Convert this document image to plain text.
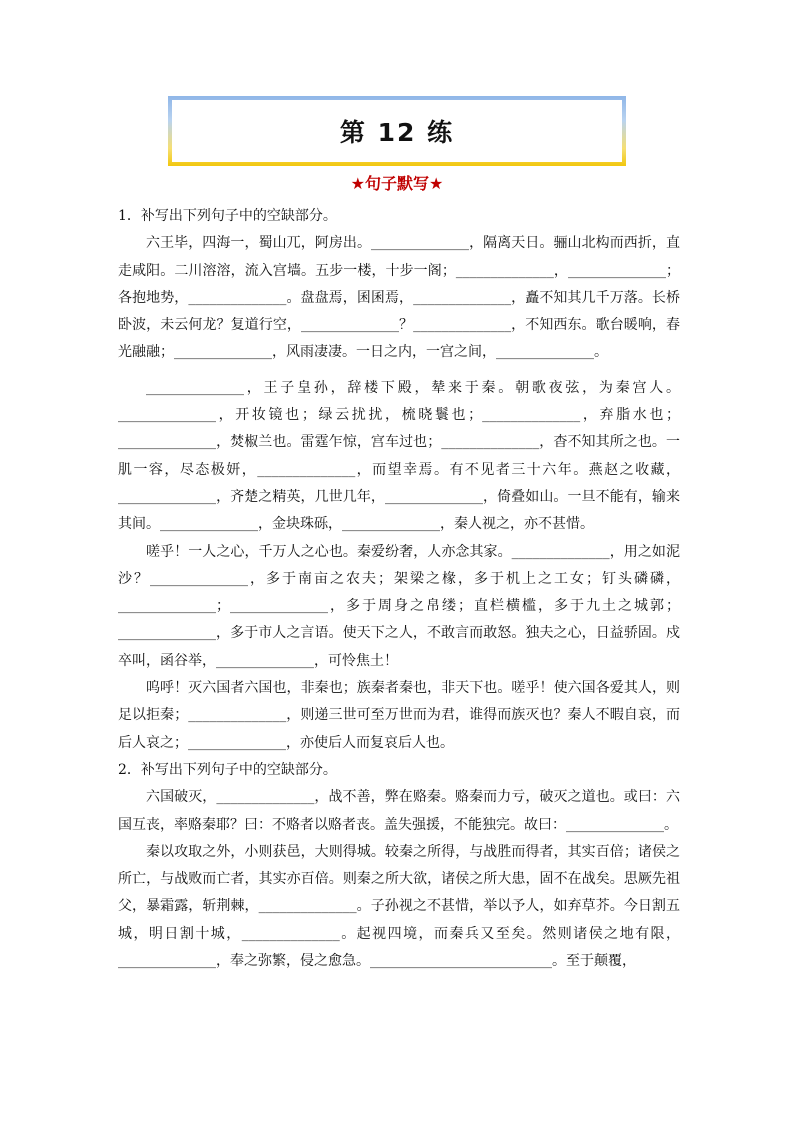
第 12 练
★句子默写★

1．补写出下列句子中的空缺部分。

六王毕，四海一，蜀山兀，阿房出。______________，隔离天日。骊山北构而西折，直走咸阳。二川溶溶，流入宫墙。五步一楼，十步一阁；______________，______________；各抱地势，______________。盘盘焉，囷囷焉，______________，矗不知其几千万落。长桥卧波，未云何龙？复道行空，______________？______________，不知西东。歌台暖响，春光融融；______________，风雨凄凄。一日之内，一宫之间，______________。

______________，王子皇孙，辞楼下殿，辇来于秦。朝歌夜弦，为秦宫人。______________，开妆镜也；绿云扰扰，梳晓鬟也；______________，弃脂水也；______________，焚椒兰也。雷霆乍惊，宫车过也；______________，杳不知其所之也。一肌一容，尽态极妍，______________，而望幸焉。有不见者三十六年。燕赵之收藏，______________，齐楚之精英，几世几年，______________，倚叠如山。一旦不能有，输来其间。______________，金块珠砾，______________，秦人视之，亦不甚惜。

嗟乎！一人之心，千万人之心也。秦爱纷奢，人亦念其家。______________，用之如泥沙？______________，多于南亩之农夫；架梁之椽，多于机上之工女；钉头磷磷，______________；______________，多于周身之帛缕；直栏横槛，多于九土之城郭；______________，多于市人之言语。使天下之人，不敢言而敢怒。独夫之心，日益骄固。戍卒叫，函谷举，______________，可怜焦土！

呜呼！灭六国者六国也，非秦也；族秦者秦也，非天下也。嗟乎！使六国各爱其人，则足以拒秦；______________，则递三世可至万世而为君，谁得而族灭也？秦人不暇自哀，而后人哀之；______________，亦使后人而复哀后人也。

2．补写出下列句子中的空缺部分。

六国破灭，______________，战不善，弊在赂秦。赂秦而力亏，破灭之道也。或曰：六国互丧，率赂秦耶？曰：不赂者以赂者丧。盖失强援，不能独完。故曰：______________。

秦以攻取之外，小则获邑，大则得城。较秦之所得，与战胜而得者，其实百倍；诸侯之所亡，与战败而亡者，其实亦百倍。则秦之所大欲，诸侯之所大患，固不在战矣。思厥先祖父，暴霜露，斩荆棘，______________。子孙视之不甚惜，举以予人，如弃草芥。今日割五城，明日割十城，______________。起视四境，而秦兵又至矣。然则诸侯之地有限，______________，奉之弥繁，侵之愈急。__________________________。至于颠覆，
